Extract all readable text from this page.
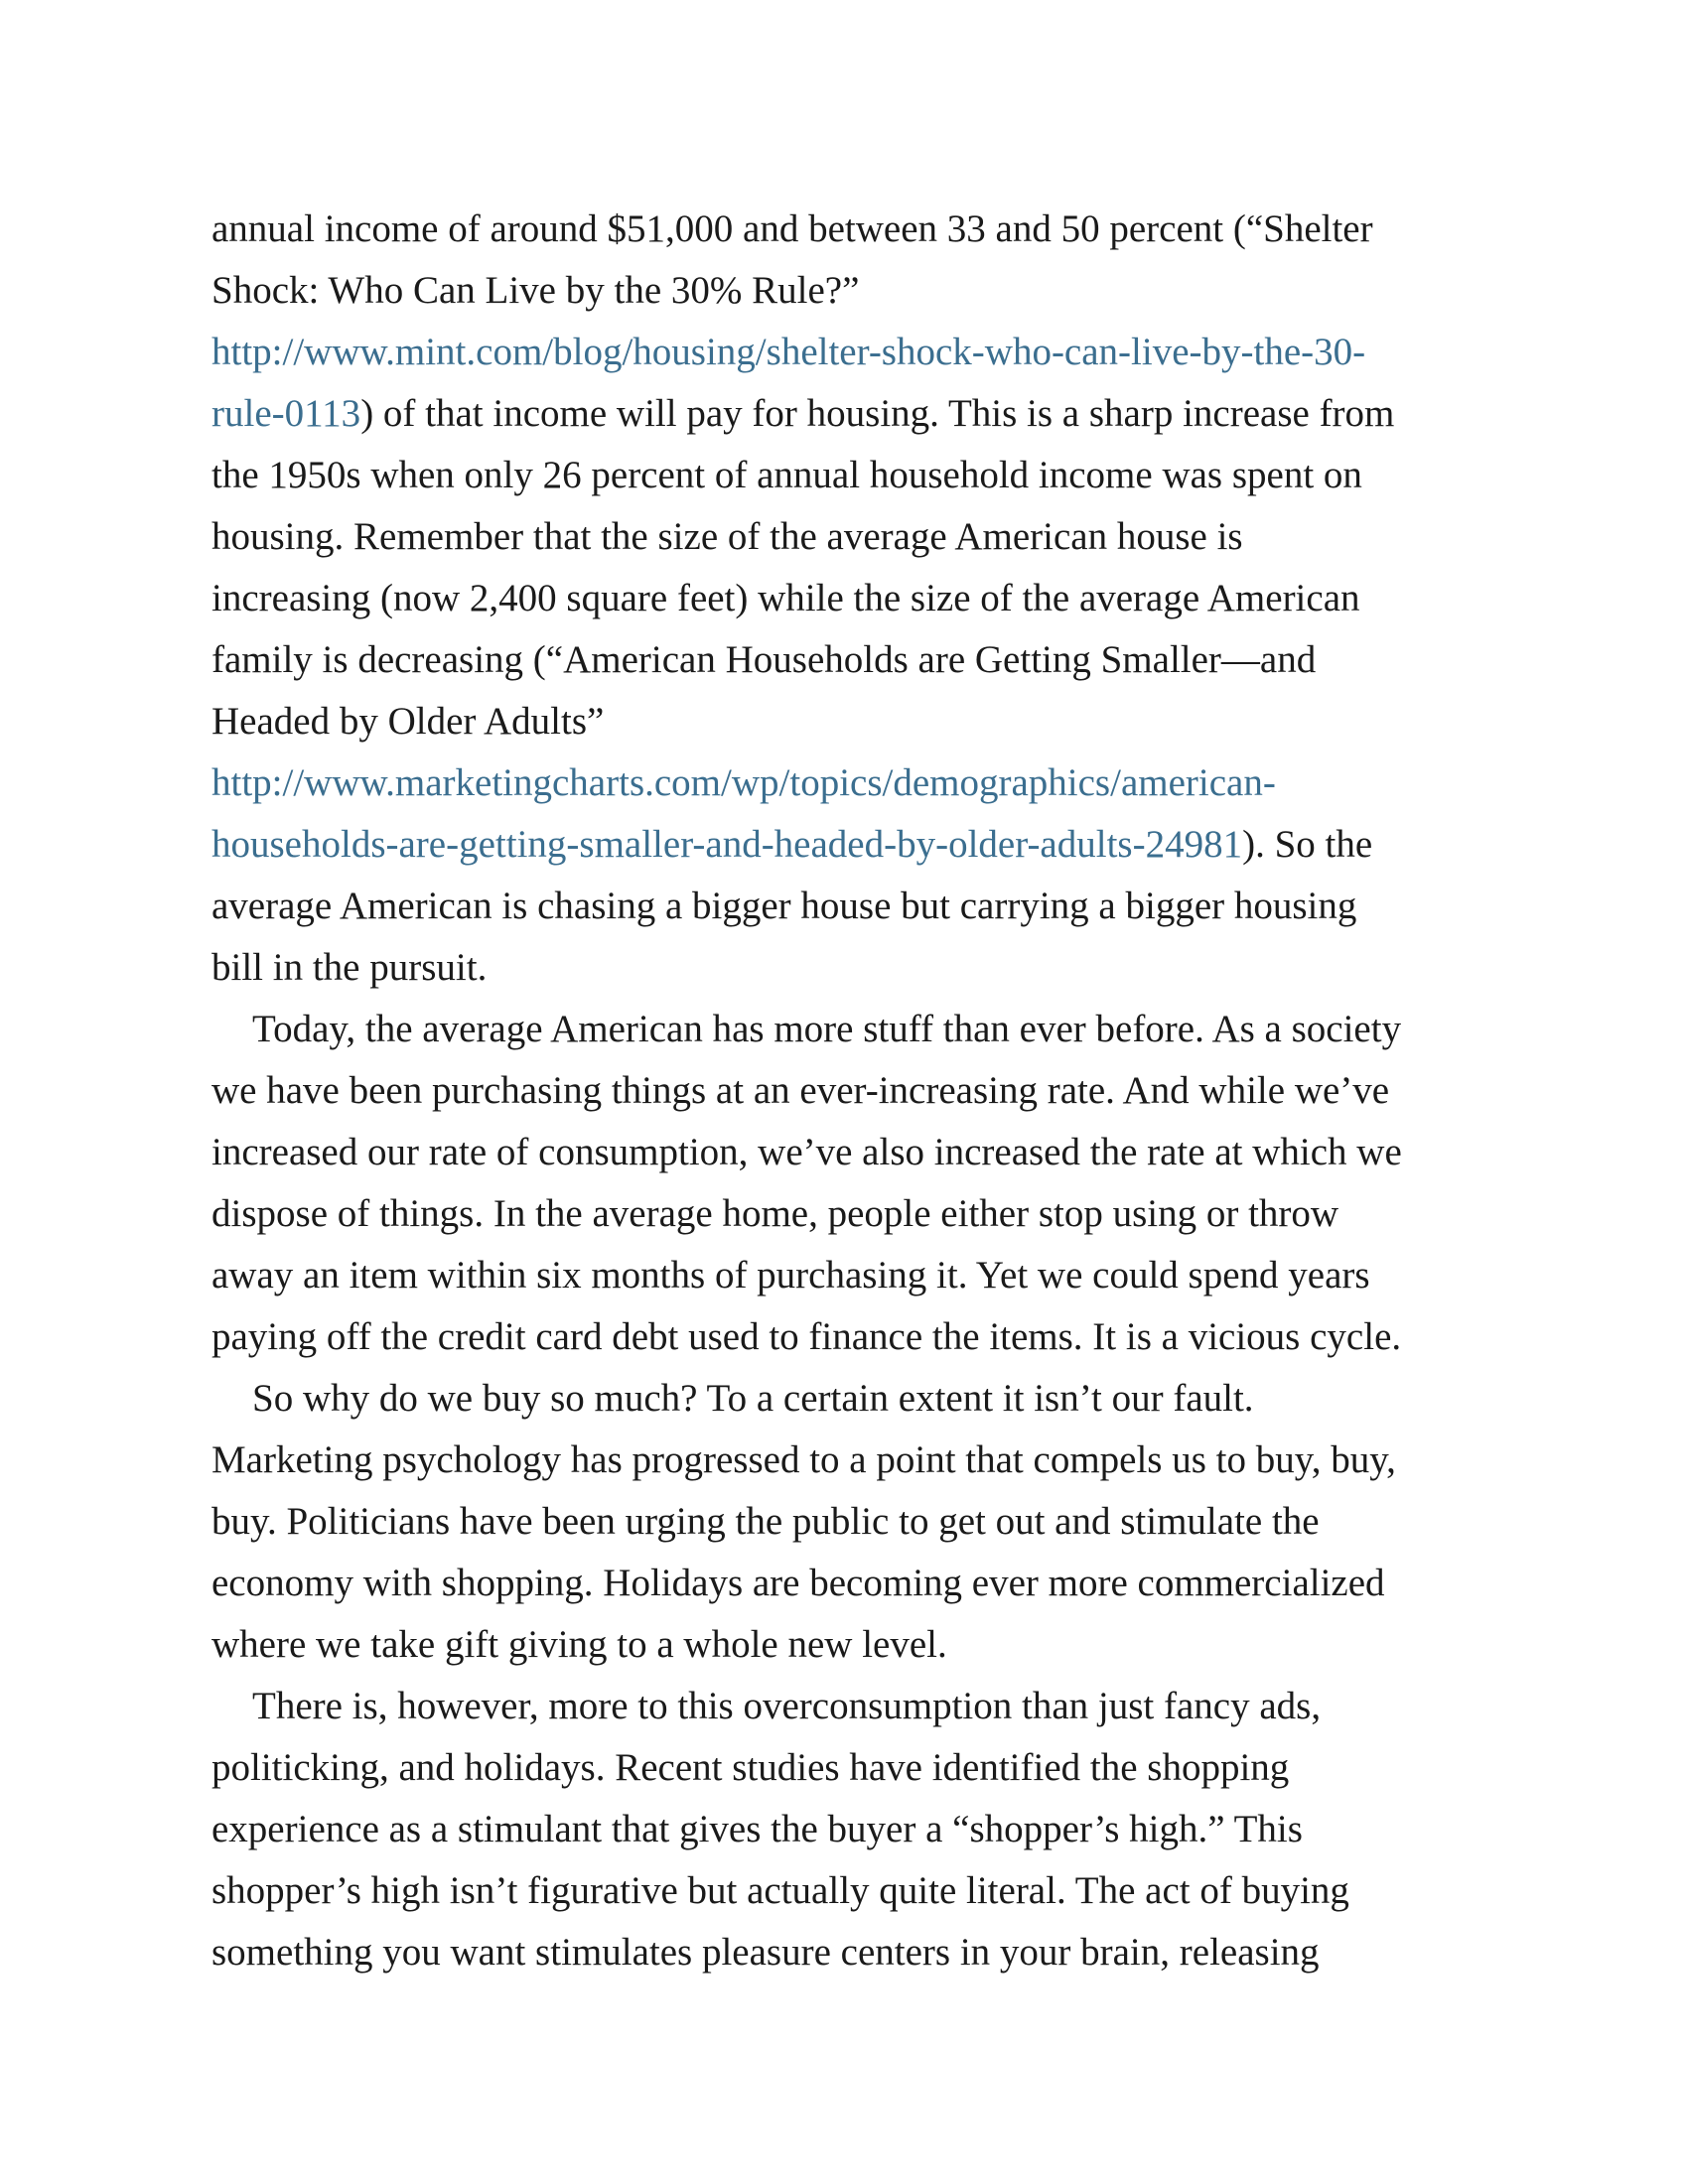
annual income of around $51,000 and between 33 and 50 percent (“Shelter
Shock: Who Can Live by the 30% Rule?”
http://www.mint.com/blog/housing/shelter-shock-who-can-live-by-the-30-
rule-0113) of that income will pay for housing. This is a sharp increase from
the 1950s when only 26 percent of annual household income was spent on
housing. Remember that the size of the average American house is
increasing (now 2,400 square feet) while the size of the average American
family is decreasing (“American Households are Getting Smaller—and
Headed by Older Adults”
http://www.marketingcharts.com/wp/topics/demographics/american-
households-are-getting-smaller-and-headed-by-older-adults-24981). So the
average American is chasing a bigger house but carrying a bigger housing
bill in the pursuit.

Today, the average American has more stuff than ever before. As a society
we have been purchasing things at an ever-increasing rate. And while we’ve
increased our rate of consumption, we’ve also increased the rate at which we
dispose of things. In the average home, people either stop using or throw
away an item within six months of purchasing it. Yet we could spend years
paying off the credit card debt used to finance the items. It is a vicious cycle.

So why do we buy so much? To a certain extent it isn’t our fault.
Marketing psychology has progressed to a point that compels us to buy, buy,
buy. Politicians have been urging the public to get out and stimulate the
economy with shopping. Holidays are becoming ever more commercialized
where we take gift giving to a whole new level.

There is, however, more to this overconsumption than just fancy ads,
politicking, and holidays. Recent studies have identified the shopping
experience as a stimulant that gives the buyer a “shopper’s high.” This
shopper’s high isn’t figurative but actually quite literal. The act of buying
something you want stimulates pleasure centers in your brain, releasing
